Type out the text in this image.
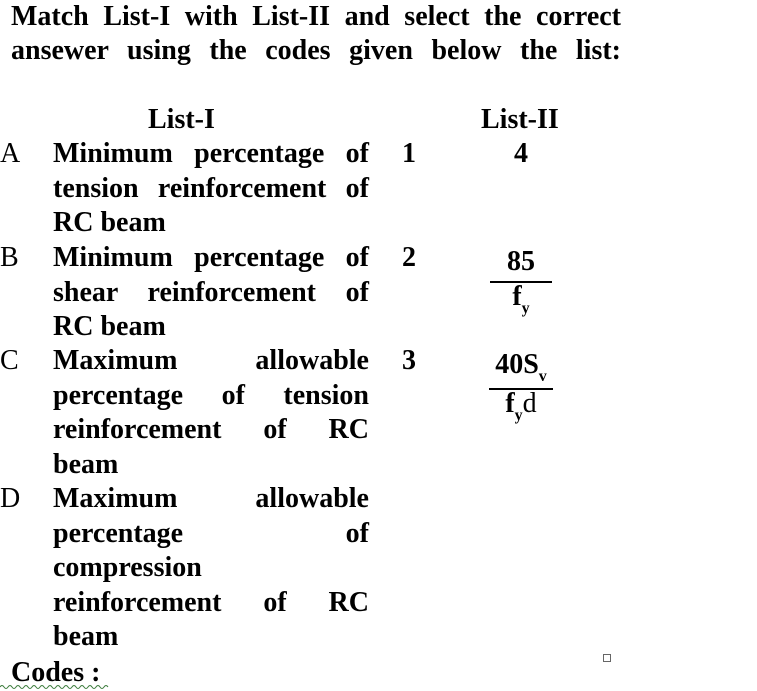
Match List-I with List-II and select the correct
ansewer using the codes given below the list:
List-I	List-II
A Minimum percentage of
tension reinforcement of
RC beam
1	4
B Minimum percentage of
shear reinforcement of
RC beam
2	85
$f_y$
C Maximum allowable
percentage of tension
reinforcement of RC
beam
3	$40S_v$
$f_yd$
D Maximum allowable
percentage of
compression
reinforcement of RC
beam
Codes :
